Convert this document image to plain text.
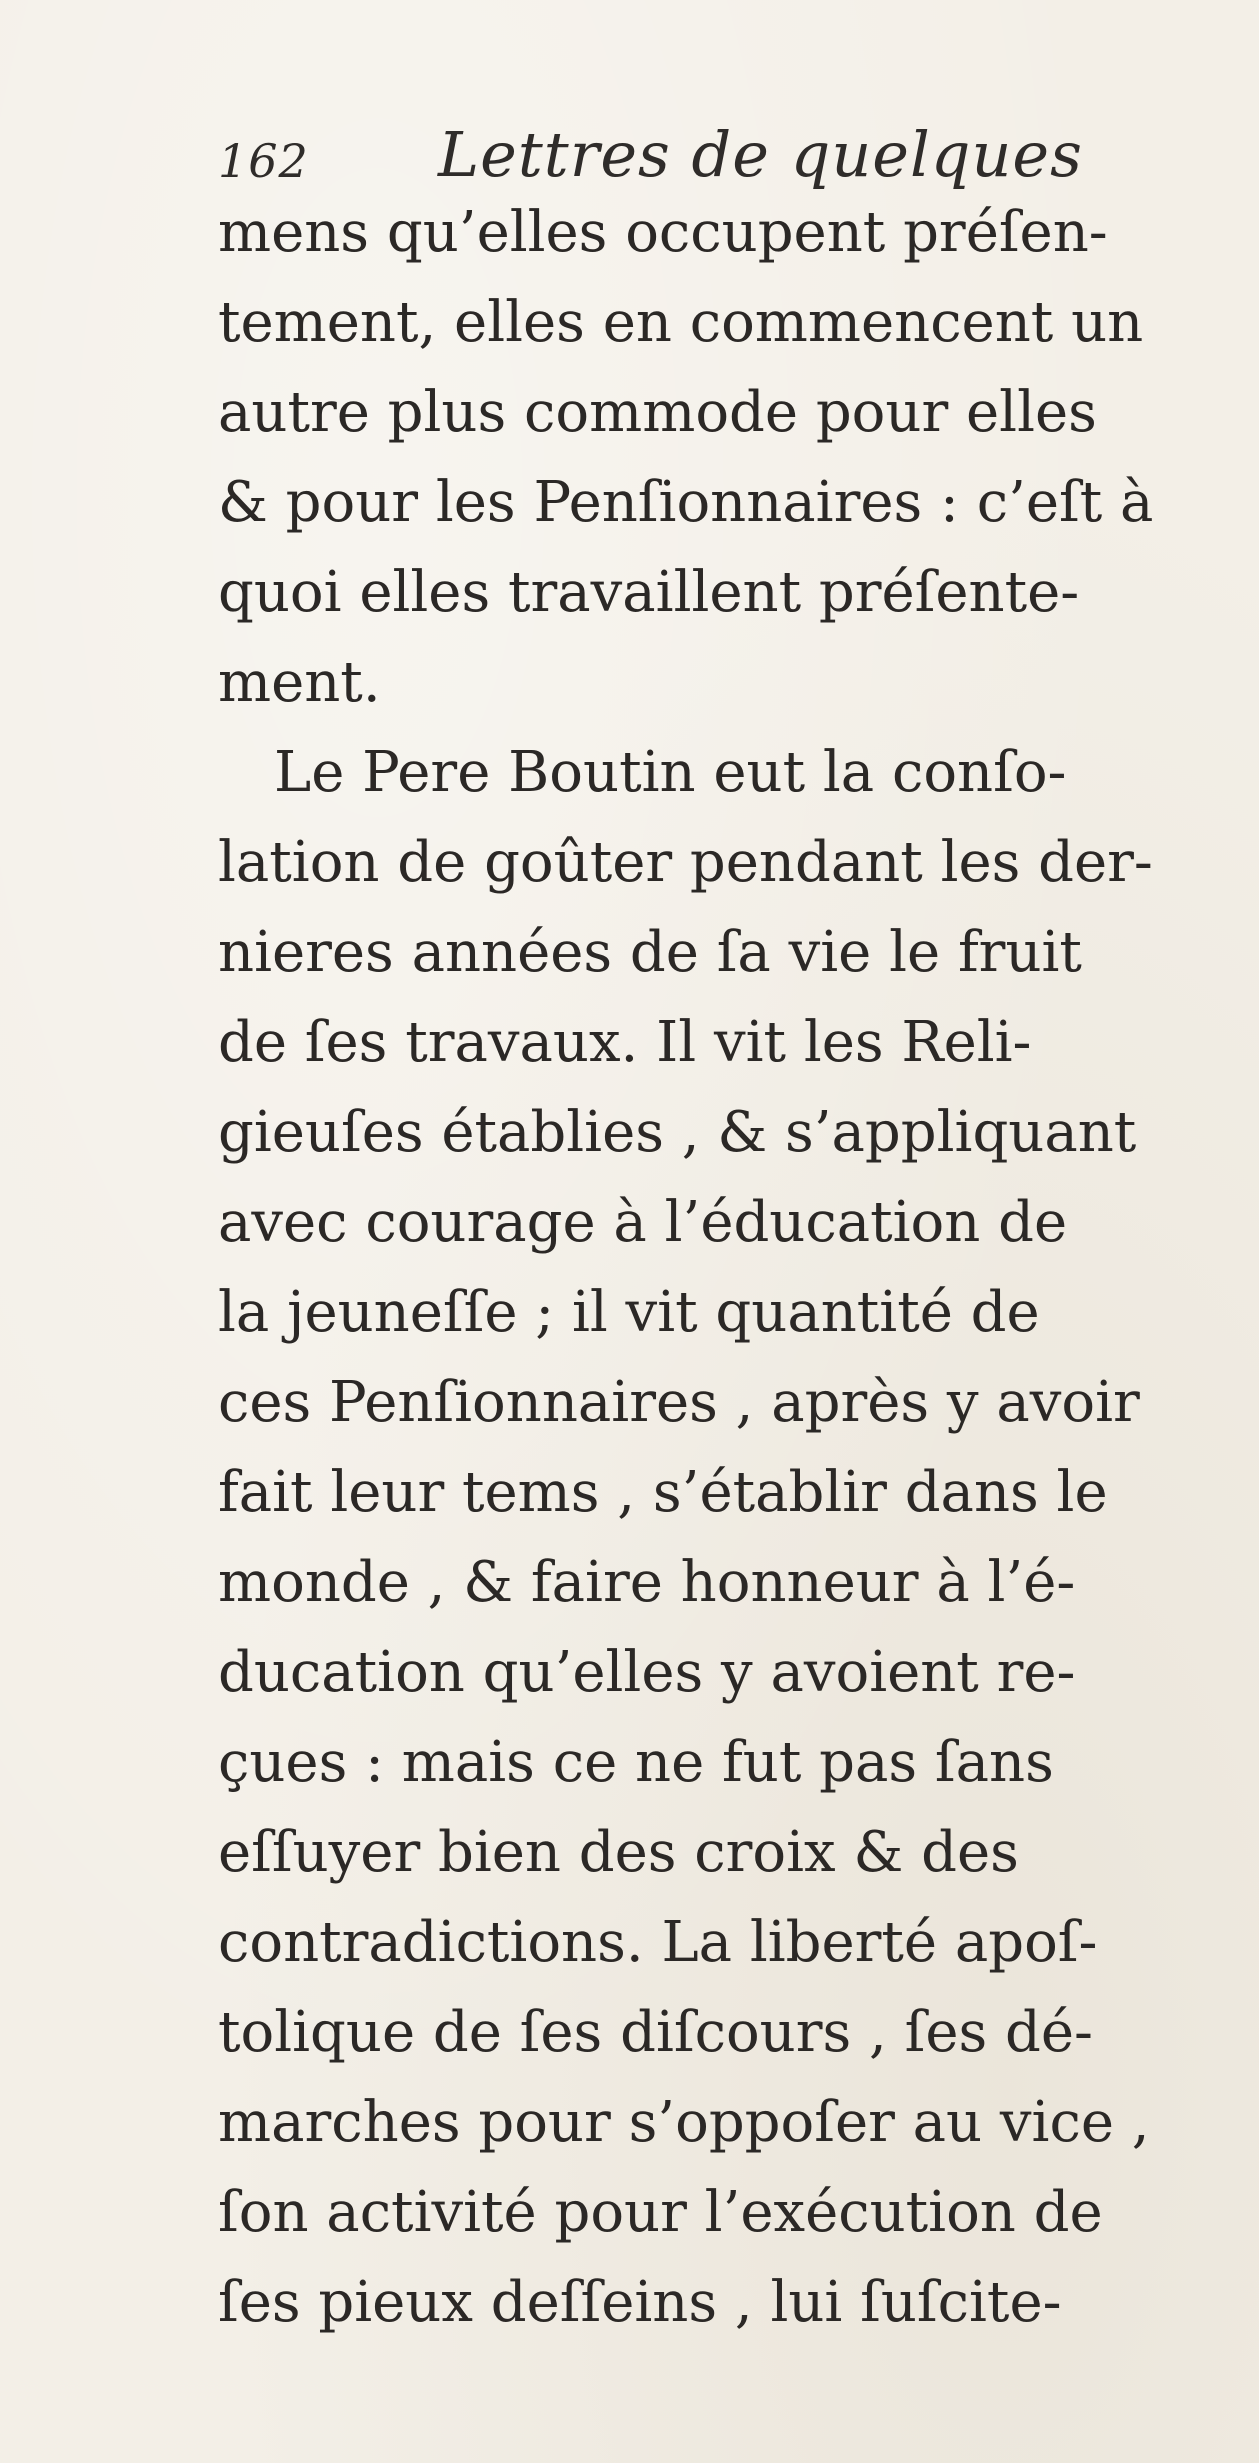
162 Lettres de quelques
mens qu’elles occupent préſen-
tement, elles en commencent un
autre plus commode pour elles
& pour les Penſionnaires : c’eſt à
quoi elles travaillent préſente-
ment.
Le Pere Boutin eut la conſo-
lation de goûter pendant les der-
nieres années de ſa vie le fruit
de ſes travaux. Il vit les Reli-
gieuſes établies , & s’appliquant
avec courage à l’éducation de
la jeuneſſe ; il vit quantité de
ces Penſionnaires , après y avoir
fait leur tems , s’établir dans le
monde , & faire honneur à l’é-
ducation qu’elles y avoient re-
çues : mais ce ne fut pas ſans
eſſuyer bien des croix & des
contradictions. La liberté apoſ-
tolique de ſes diſcours , ſes dé-
marches pour s’oppoſer au vice ,
ſon activité pour l’exécution de
ſes pieux deſſeins , lui ſuſcite-
